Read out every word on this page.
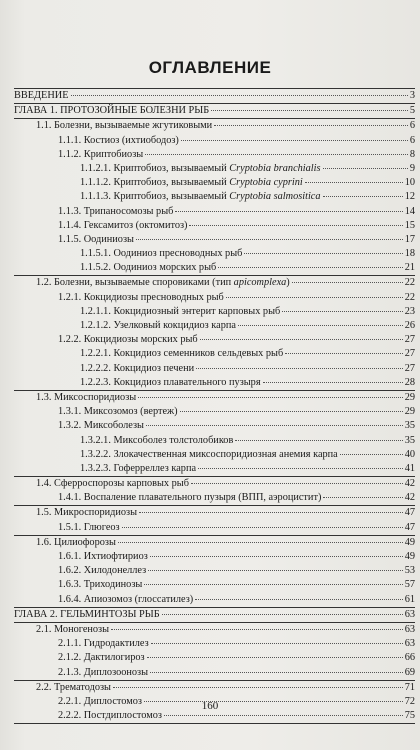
ОГЛАВЛЕНИЕ
ВВЕДЕНИЕ	3
ГЛАВА 1. ПРОТОЗОЙНЫЕ БОЛЕЗНИ РЫБ	5
1.1. Болезни, вызываемые жгутиковыми	6
1.1.1. Костиоз (ихтиободоз)	6
1.1.2. Криптобиозы	8
1.1.2.1. Криптобиоз, вызываемый Cryptobia branchialis	9
1.1.1.2. Криптобиоз, вызываемый Cryptobia cyprini	10
1.1.1.3. Криптобиоз, вызываемый Cryptobia salmositica	12
1.1.3. Трипаносомозы рыб	14
1.1.4. Гексамитоз (октомитоз)	15
1.1.5. Оодиниозы	17
1.1.5.1. Оодиниоз пресноводных рыб	18
1.1.5.2. Оодиниоз морских рыб	21
1.2. Болезни, вызываемые споровиками (тип apicomplexa)	22
1.2.1. Кокцидиозы пресноводных рыб	22
1.2.1.1. Кокцидиозный энтерит карповых рыб	23
1.2.1.2. Узелковый кокцидиоз карпа	26
1.2.2. Кокцидиозы морских рыб	27
1.2.2.1. Кокцидиоз семенников сельдевых рыб	27
1.2.2.2. Кокцидиоз печени	27
1.2.2.3. Кокцидиоз плавательного пузыря	28
1.3. Миксоспоридиозы	29
1.3.1. Миксозомоз (вертеж)	29
1.3.2. Миксоболезы	35
1.3.2.1. Миксоболез толстолобиков	35
1.3.2.2. Злокачественная миксоспоридиозная анемия карпа	40
1.3.2.3. Гоферреллез карпа	41
1.4. Сферроспорозы карповых рыб	42
1.4.1. Воспаление плавательного пузыря (ВПП, аэроцистит)	42
1.5. Микроспоридиозы	47
1.5.1. Глюгеоз	47
1.6. Цилиофорозы	49
1.6.1. Ихтиофтириоз	49
1.6.2. Хилодонеллез	53
1.6.3. Триходинозы	57
1.6.4. Апиозомоз (глоссатилез)	61
ГЛАВА 2. ГЕЛЬМИНТОЗЫ РЫБ	63
2.1. Моногенозы	63
2.1.1. Гидродактилез	63
2.1.2. Дактилогироз	66
2.1.3. Диплозоонозы	69
2.2. Трематодозы	71
2.2.1. Диплостомоз	72
2.2.2. Постдиплостомоз	75
160
